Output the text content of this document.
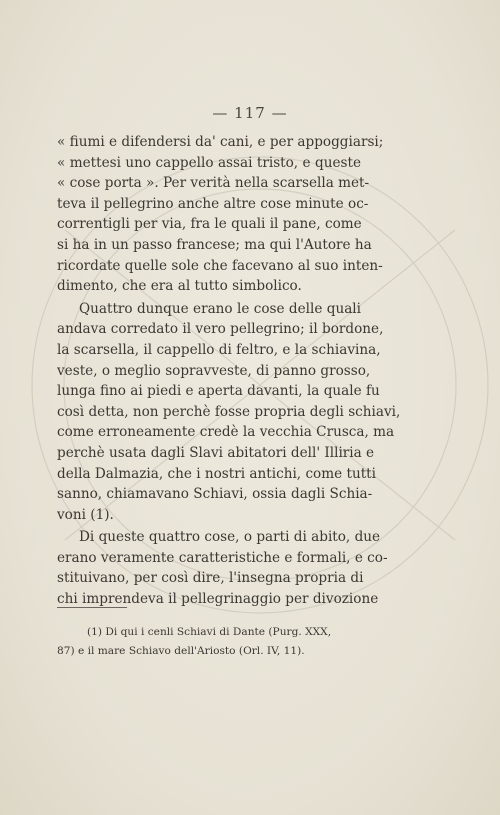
— 117 —
« fiumi e difendersi da' cani, e per appoggiarsi;
« mettesi uno cappello assai tristo, e queste
« cose porta ». Per verità nella scarsella met-
teva il pellegrino anche altre cose minute oc-
correntigli per via, fra le quali il pane, come
si ha in un passo francese; ma qui l'Autore ha
ricordate quelle sole che facevano al suo inten-
dimento, che era al tutto simbolico.
Quattro dunque erano le cose delle quali
andava corredato il vero pellegrino; il bordone,
la scarsella, il cappello di feltro, e la schiavina,
veste, o meglio sopravveste, di panno grosso,
lunga fino ai piedi e aperta davanti, la quale fu
così detta, non perchè fosse propria degli schiavi,
come erroneamente credè la vecchia Crusca, ma
perchè usata dagli Slavi abitatori dell' Illiria e
della Dalmazia, che i nostri antichi, come tutti
sanno, chiamavano Schiavi, ossia dagli Schia-
voni (1).
Di queste quattro cose, o parti di abito, due
erano veramente caratteristiche e formali, e co-
stituivano, per così dire, l'insegna propria di
chi imprendeva il pellegrinaggio per divozione
(1) Di qui i cenli Schiavi di Dante (Purg. XXX,
87) e il mare Schiavo dell'Ariosto (Orl. IV, 11).
